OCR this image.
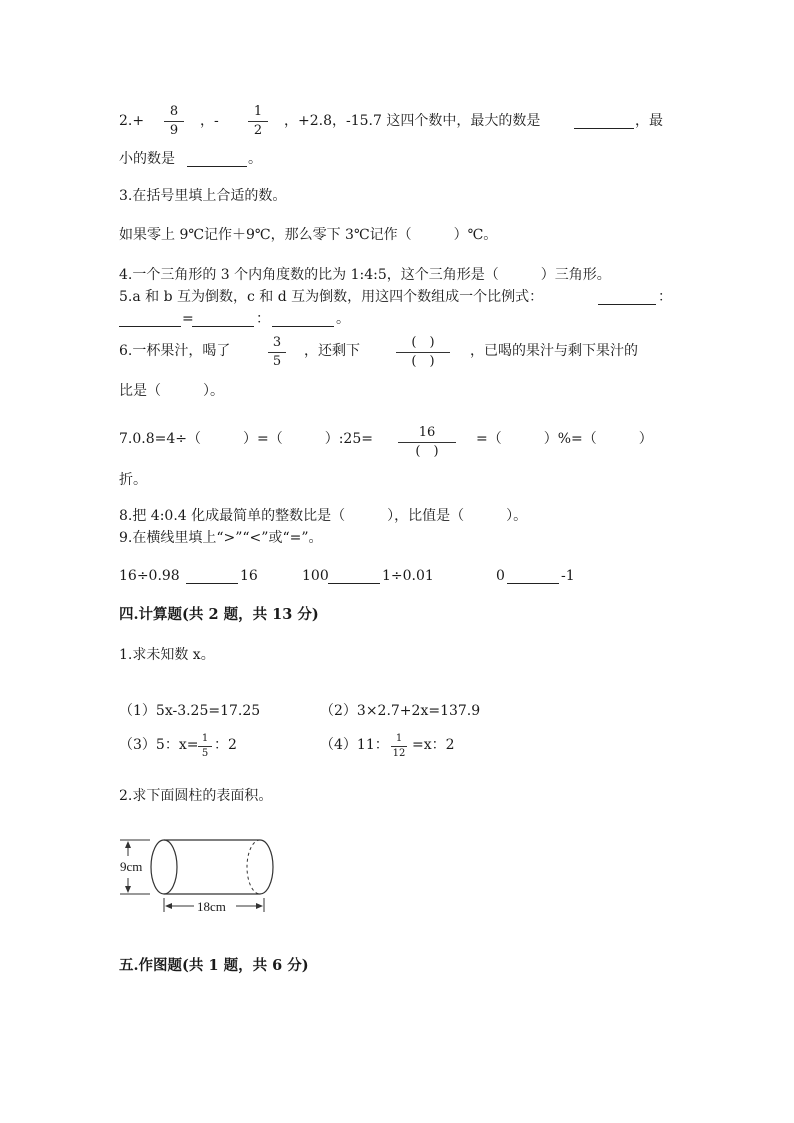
2.+
8
9
，-
1
2
，+2.8，-15.7 这四个数中，最大的数是	，最
小的数是	。
3.在括号里填上合适的数。
如果零上 9℃记作＋9℃，那么零下 3℃记作（　　　）℃。
4.一个三角形的 3 个内角度数的比为 1:4:5，这个三角形是（　　　）三角形。
5.a 和 b 互为倒数，c 和 d 互为倒数，用这四个数组成一个比例式：	：
=	：	。
6.一杯果汁，喝了
3
5
，还剩下
(　)
(　)
，已喝的果汁与剩下果汁的
比是（　　　）。
7.0.8=4÷（　　　）=（　　　）:25=	16
(　)
=（　　　）%=（　　　）
折。
8.把 4:0.4 化成最简单的整数比是（　　　），比值是（　　　）。
9.在横线里填上“>”“<”或“=”。
16÷0.98	16	100	1÷0.01	0	-1
四.计算题(共 2 题，共 13 分)
1.求未知数 x。
（1）5x-3.25=17.25	（2）3×2.7+2x=137.9
（3）5：x= 1
5
：2	（4）11： 1
12
=x：2
2.求下面圆柱的表面积。
9cm
18cm
五.作图题(共 1 题，共 6 分)
